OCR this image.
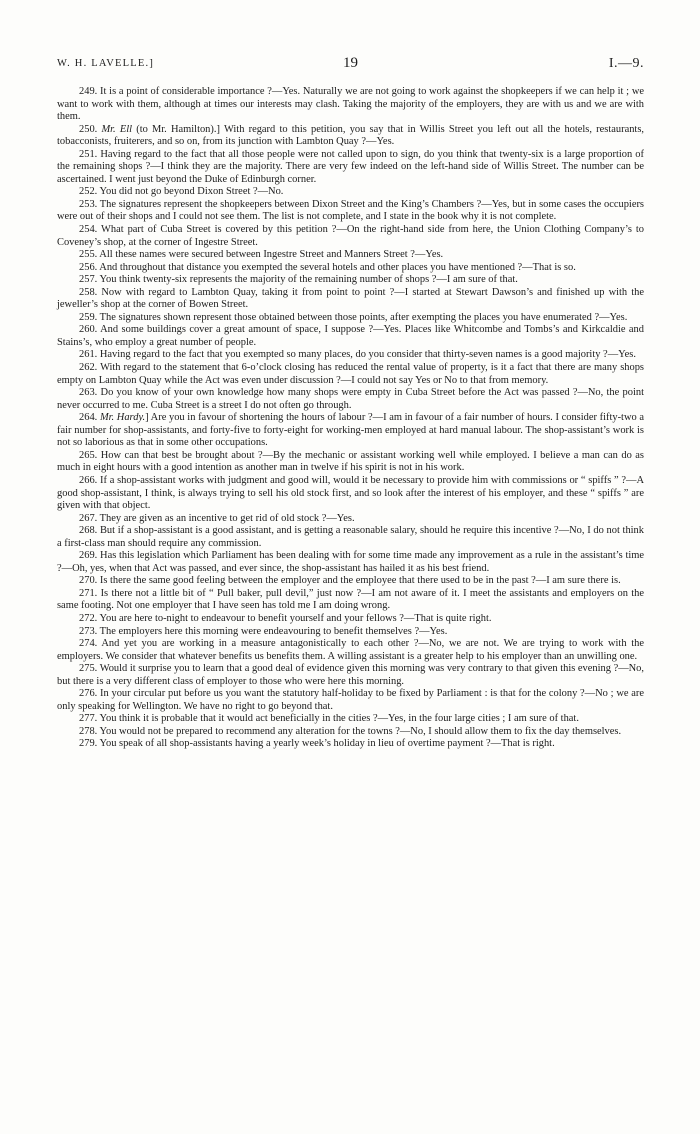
W. H. LAVELLE.]	19	I.—9.

249. It is a point of considerable importance ?—Yes. Naturally we are not going to work against the shopkeepers if we can help it ; we want to work with them, although at times our interests may clash. Taking the majority of the employers, they are with us and we are with them.

250. Mr. Ell (to Mr. Hamilton).] With regard to this petition, you say that in Willis Street you left out all the hotels, restaurants, tobacconists, fruiterers, and so on, from its junction with Lambton Quay ?—Yes.

251. Having regard to the fact that all those people were not called upon to sign, do you think that twenty-six is a large proportion of the remaining shops ?—I think they are the majority. There are very few indeed on the left-hand side of Willis Street. The number can be ascertained. I went just beyond the Duke of Edinburgh corner.

252. You did not go beyond Dixon Street ?—No.

253. The signatures represent the shopkeepers between Dixon Street and the King’s Chambers ?—Yes, but in some cases the occupiers were out of their shops and I could not see them. The list is not complete, and I state in the book why it is not complete.

254. What part of Cuba Street is covered by this petition ?—On the right-hand side from here, the Union Clothing Company’s to Coveney’s shop, at the corner of Ingestre Street.

255. All these names were secured between Ingestre Street and Manners Street ?—Yes.

256. And throughout that distance you exempted the several hotels and other places you have mentioned ?—That is so.

257. You think twenty-six represents the majority of the remaining number of shops ?—I am sure of that.

258. Now with regard to Lambton Quay, taking it from point to point ?—I started at Stewart Dawson’s and finished up with the jeweller’s shop at the corner of Bowen Street.

259. The signatures shown represent those obtained between those points, after exempting the places you have enumerated ?—Yes.

260. And some buildings cover a great amount of space, I suppose ?—Yes. Places like Whitcombe and Tombs’s and Kirkcaldie and Stains’s, who employ a great number of people.

261. Having regard to the fact that you exempted so many places, do you consider that thirty-seven names is a good majority ?—Yes.

262. With regard to the statement that 6-o’clock closing has reduced the rental value of property, is it a fact that there are many shops empty on Lambton Quay while the Act was even under discussion ?—I could not say Yes or No to that from memory.

263. Do you know of your own knowledge how many shops were empty in Cuba Street before the Act was passed ?—No, the point never occurred to me. Cuba Street is a street I do not often go through.

264. Mr. Hardy.] Are you in favour of shortening the hours of labour ?—I am in favour of a fair number of hours. I consider fifty-two a fair number for shop-assistants, and forty-five to forty-eight for working-men employed at hard manual labour. The shop-assistant’s work is not so laborious as that in some other occupations.

265. How can that best be brought about ?—By the mechanic or assistant working well while employed. I believe a man can do as much in eight hours with a good intention as another man in twelve if his spirit is not in his work.

266. If a shop-assistant works with judgment and good will, would it be necessary to provide him with commissions or “ spiffs ” ?—A good shop-assistant, I think, is always trying to sell his old stock first, and so look after the interest of his employer, and these “ spiffs ” are given with that object.

267. They are given as an incentive to get rid of old stock ?—Yes.

268. But if a shop-assistant is a good assistant, and is getting a reasonable salary, should he require this incentive ?—No, I do not think a first-class man should require any commission.

269. Has this legislation which Parliament has been dealing with for some time made any improvement as a rule in the assistant’s time ?—Oh, yes, when that Act was passed, and ever since, the shop-assistant has hailed it as his best friend.

270. Is there the same good feeling between the employer and the employee that there used to be in the past ?—I am sure there is.

271. Is there not a little bit of “ Pull baker, pull devil,” just now ?—I am not aware of it. I meet the assistants and employers on the same footing. Not one employer that I have seen has told me I am doing wrong.

272. You are here to-night to endeavour to benefit yourself and your fellows ?—That is quite right.

273. The employers here this morning were endeavouring to benefit themselves ?—Yes.

274. And yet you are working in a measure antagonistically to each other ?—No, we are not. We are trying to work with the employers. We consider that whatever benefits us benefits them. A willing assistant is a greater help to his employer than an unwilling one.

275. Would it surprise you to learn that a good deal of evidence given this morning was very contrary to that given this evening ?—No, but there is a very different class of employer to those who were here this morning.

276. In your circular put before us you want the statutory half-holiday to be fixed by Parliament : is that for the colony ?—No ; we are only speaking for Wellington. We have no right to go beyond that.

277. You think it is probable that it would act beneficially in the cities ?—Yes, in the four large cities ; I am sure of that.

278. You would not be prepared to recommend any alteration for the towns ?—No, I should allow them to fix the day themselves.

279. You speak of all shop-assistants having a yearly week’s holiday in lieu of overtime payment ?—That is right.
